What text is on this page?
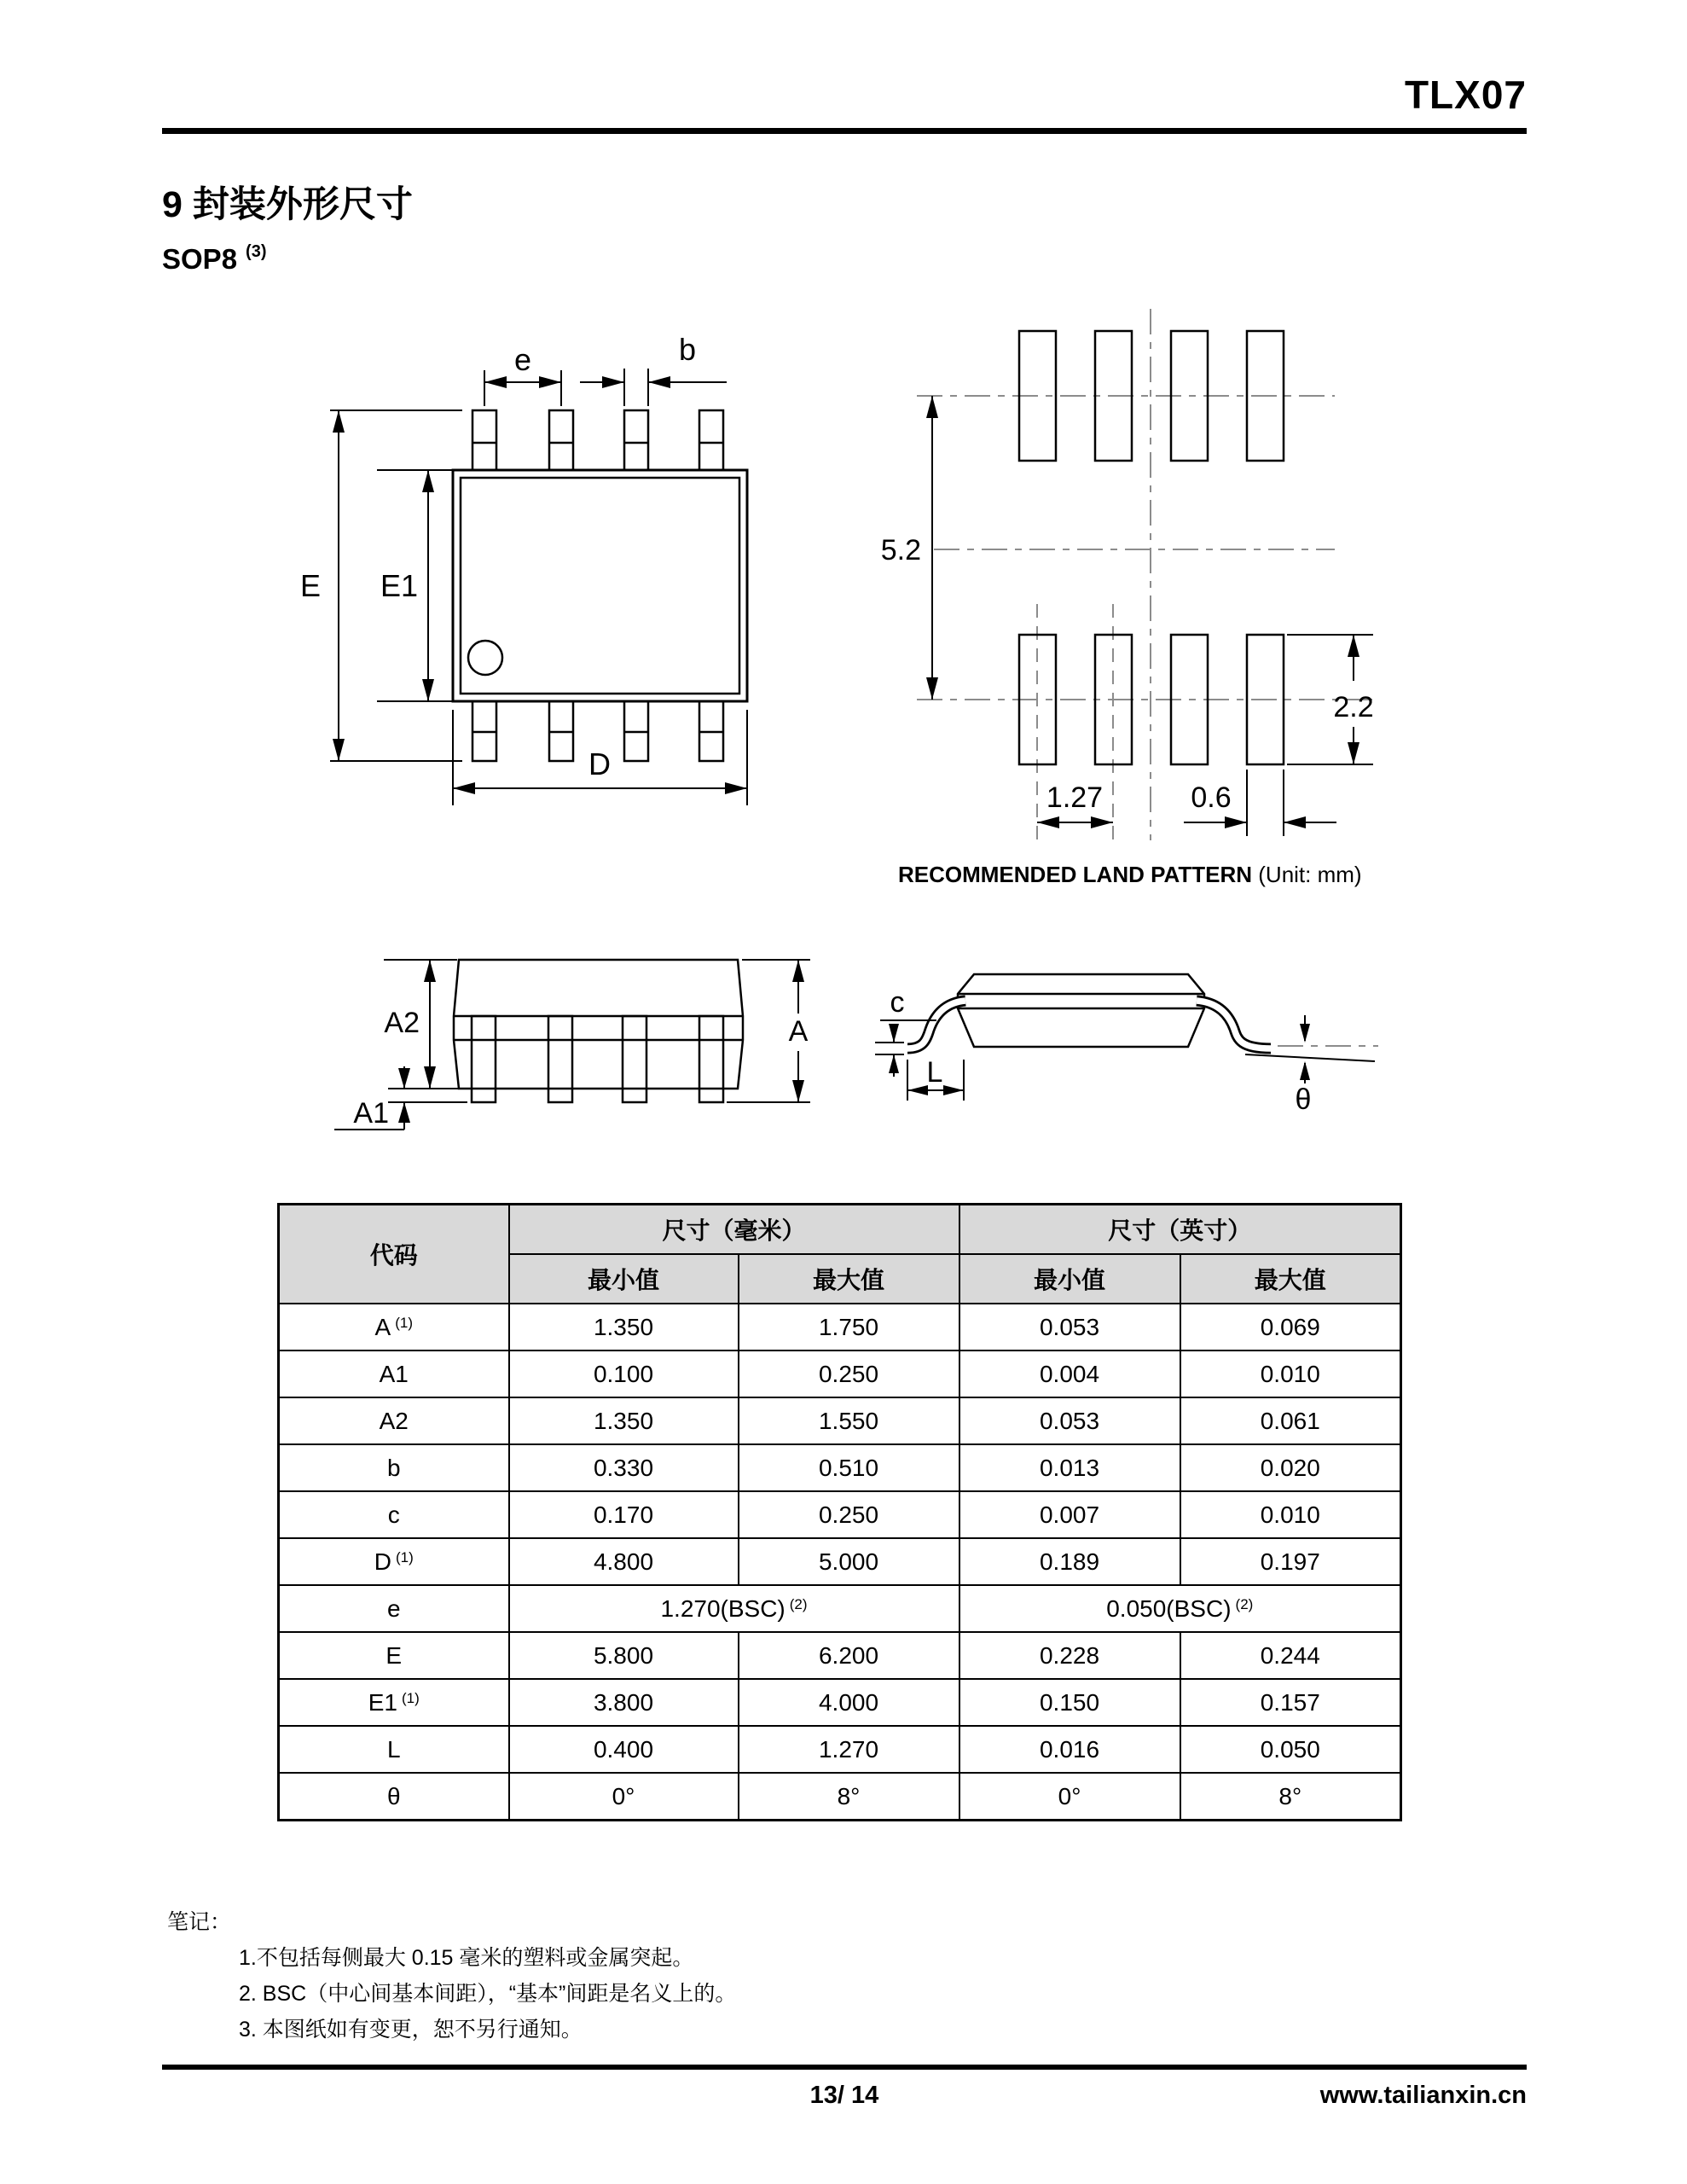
TLX07
9 封装外形尺寸
SOP8 $^{(3)}$
E E1
e	b
D
5.2
2.2
1.27	0.6
RECOMMENDED LAND PATTERN (Unit: mm)
A2
A1
A
c
L
θ
代码	尺寸（毫米）		尺寸（英寸）	
	最小值	最大值	最小值	最大值
A $^{(1)}$	1.350	1.750	0.053	0.069
A1	0.100	0.250	0.004	0.010
A2	1.350	1.550	0.053	0.061
b	0.330	0.510	0.013	0.020
c	0.170	0.250	0.007	0.010
D $^{(1)}$	4.800	5.000	0.189	0.197
e	1.270(BSC) $^{(2)}$		0.050(BSC) $^{(2)}$
E	5.800	6.200	0.228	0.244
E1 $^{(1)}$	3.800	4.000	0.150	0.157
L	0.400	1.270	0.016	0.050
θ	0°	8°	0°	8°
笔记：
1.不包括每侧最大 0.15 毫米的塑料或金属突起。
2. BSC（中心间基本间距），“基本”间距是名义上的。
3. 本图纸如有变更，恕不另行通知。
13/ 14	www.tailianxin.cn
